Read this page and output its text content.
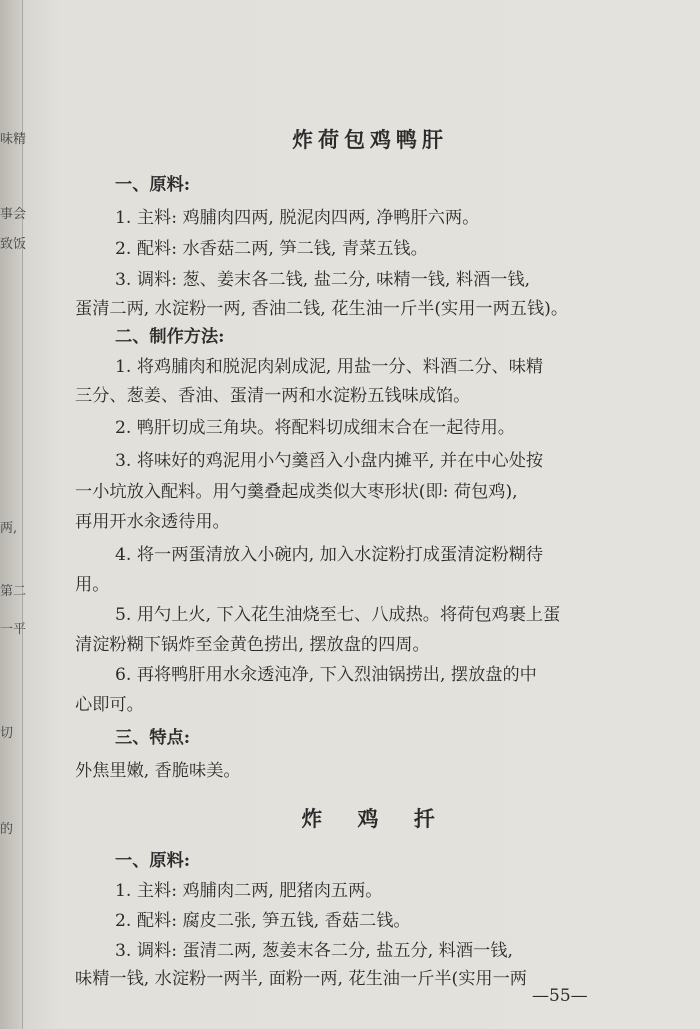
味精
事会
致饭
两,
第二
一平
切
的
炸荷包鸡鸭肝
一、原料:
1. 主料: 鸡脯肉四两, 脱泥肉四两, 净鸭肝六两。
2. 配料: 水香菇二两, 笋二钱, 青菜五钱。
3. 调料: 葱、姜末各二钱, 盐二分, 味精一钱, 料酒一钱,
蛋清二两, 水淀粉一两, 香油二钱, 花生油一斤半(实用一两五钱)。
二、制作方法:
1. 将鸡脯肉和脱泥肉剁成泥, 用盐一分、料酒二分、味精
三分、葱姜、香油、蛋清一两和水淀粉五钱味成馅。
2. 鸭肝切成三角块。将配料切成细末合在一起待用。
3. 将味好的鸡泥用小勺羹舀入小盘内摊平, 并在中心处按
一小坑放入配料。用勺羹叠起成类似大枣形状(即: 荷包鸡),
再用开水汆透待用。
4. 将一两蛋清放入小碗内, 加入水淀粉打成蛋清淀粉糊待
用。
5. 用勺上火, 下入花生油烧至七、八成热。将荷包鸡裹上蛋
清淀粉糊下锅炸至金黄色捞出, 摆放盘的四周。
6. 再将鸭肝用水汆透沌净, 下入烈油锅捞出, 摆放盘的中
心即可。
三、特点:
外焦里嫩, 香脆味美。
炸 鸡 扦
一、原料:
1. 主料: 鸡脯肉二两, 肥猪肉五两。
2. 配料: 腐皮二张, 笋五钱, 香菇二钱。
3. 调料: 蛋清二两, 葱姜末各二分, 盐五分, 料酒一钱,
味精一钱, 水淀粉一两半, 面粉一两, 花生油一斤半(实用一两
—55—
